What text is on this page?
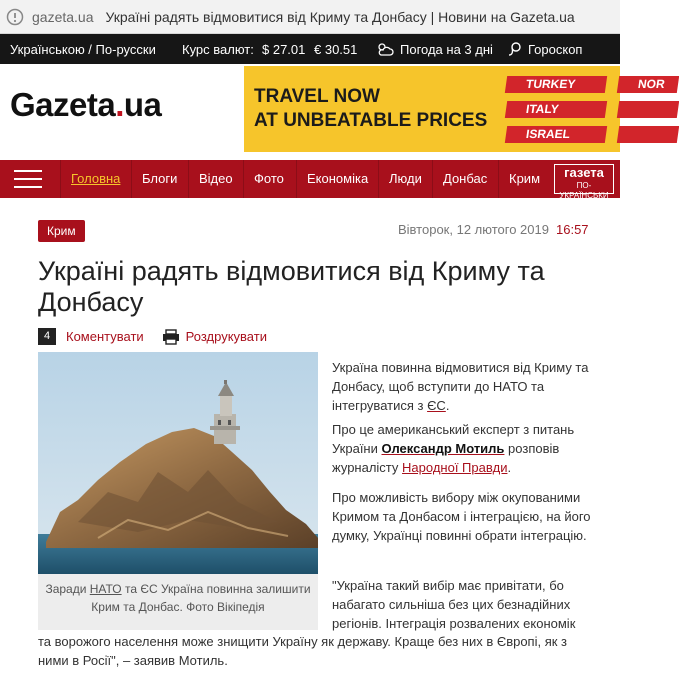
gazeta.ua Україні радять відмовитися від Криму та Донбасу | Новини на Gazeta.ua
Українською / По-русски Курс валют: $ 27.01 € 30.51	Погода на 3 дні	Гороскоп
Gazeta.ua	TRAVEL NOW
AT UNBEATABLE PRICES
TURKEY
ITALY
ISRAEL
NOR
Головна	Блоги	Відео	Фото	Економіка	Люди	Донбас	Крим	газета
ПО-УКРАЇНСЬКИ
Крим	Вівторок, 12 лютого 2019 16:57
Україні радять відмовитися від Криму та Донбасу
4	Коментувати	Роздрукувати
Заради НАТО та ЄС Україна повинна залишити Крим та Донбас. Фото Вікіпедія

Україна повинна відмовитися від Криму та Донбасу, щоб вступити до НАТО та інтегруватися з ЄС.

Про це американський експерт з питань України Олександр Мотиль розповів журналісту Народної Правди.

Про можливість вибору між окупованими Кримом та Донбасом і інтеграцією, на його думку, Українці повинні обрати інтеграцію.

"Україна такий вибір має привітати, бо набагато сильніша без цих безнадійних регіонів. Інтеграція розвалених економік

та ворожого населення може знищити Україну як державу. Краще без них в Європі, як з ними в Росії", – заявив Мотиль.
